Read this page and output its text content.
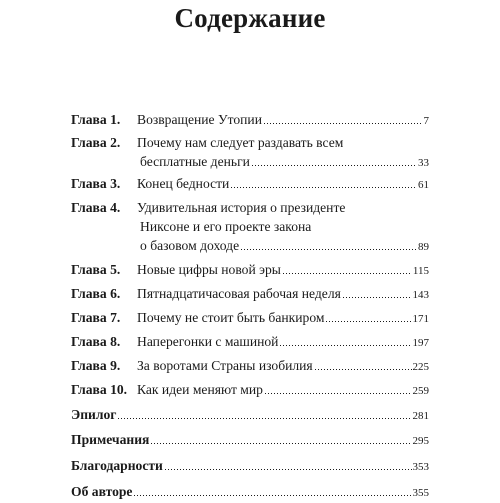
Содержание
Глава 1. Возвращение Утопии	7
Глава 2. Почему нам следует раздавать всем
бесплатные деньги	33
Глава 3. Конец бедности	61
Глава 4. Удивительная история о президенте
Никсоне и его проекте закона
о базовом доходе	89
Глава 5. Новые цифры новой эры	115
Глава 6. Пятнадцатичасовая рабочая неделя	143
Глава 7. Почему не стоит быть банкиром	171
Глава 8. Наперегонки с машиной	197
Глава 9. За воротами Страны изобилия	225
Глава 10. Как идеи меняют мир	259
Эпилог	281
Примечания	295
Благодарности	353
Об авторе	355
